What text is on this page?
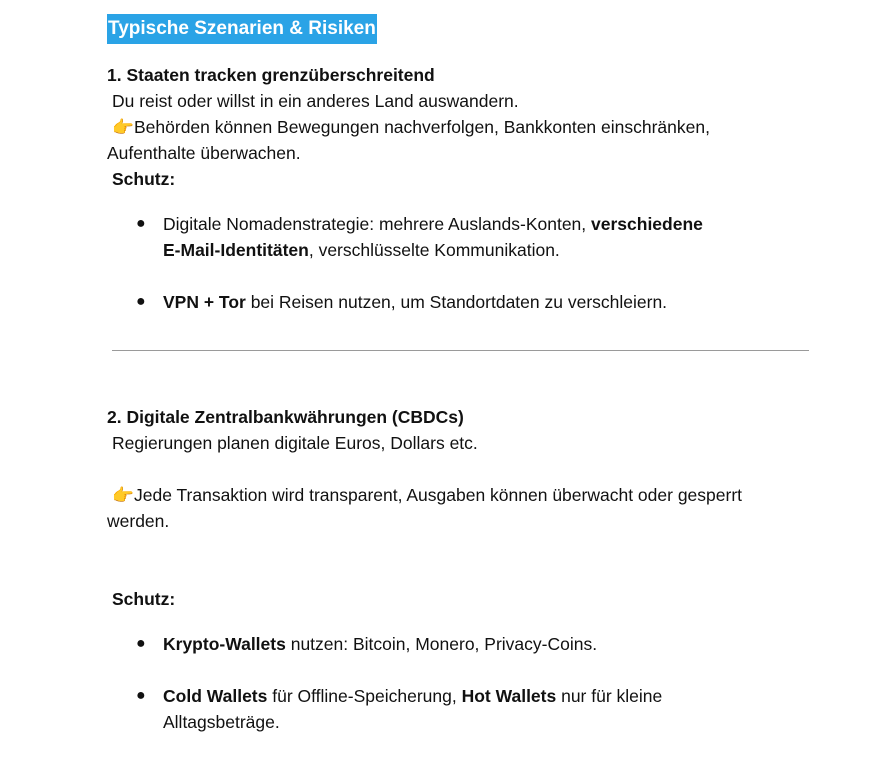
Typische Szenarien & Risiken
1. Staaten tracken grenzüberschreitend
Du reist oder willst in ein anderes Land auswandern.
👉Behörden können Bewegungen nachverfolgen, Bankkonten einschränken,
Aufenthalte überwachen.
Schutz:
● Digitale Nomadenstrategie: mehrere Auslands-Konten, verschiedene
E-Mail-Identitäten, verschlüsselte Kommunikation.
● VPN + Tor bei Reisen nutzen, um Standortdaten zu verschleiern.
2. Digitale Zentralbankwährungen (CBDCs)
Regierungen planen digitale Euros, Dollars etc.
👉Jede Transaktion wird transparent, Ausgaben können überwacht oder gesperrt
werden.
Schutz:
● Krypto-Wallets nutzen: Bitcoin, Monero, Privacy-Coins.
● Cold Wallets für Offline-Speicherung, Hot Wallets nur für kleine
Alltagsbeträge.
